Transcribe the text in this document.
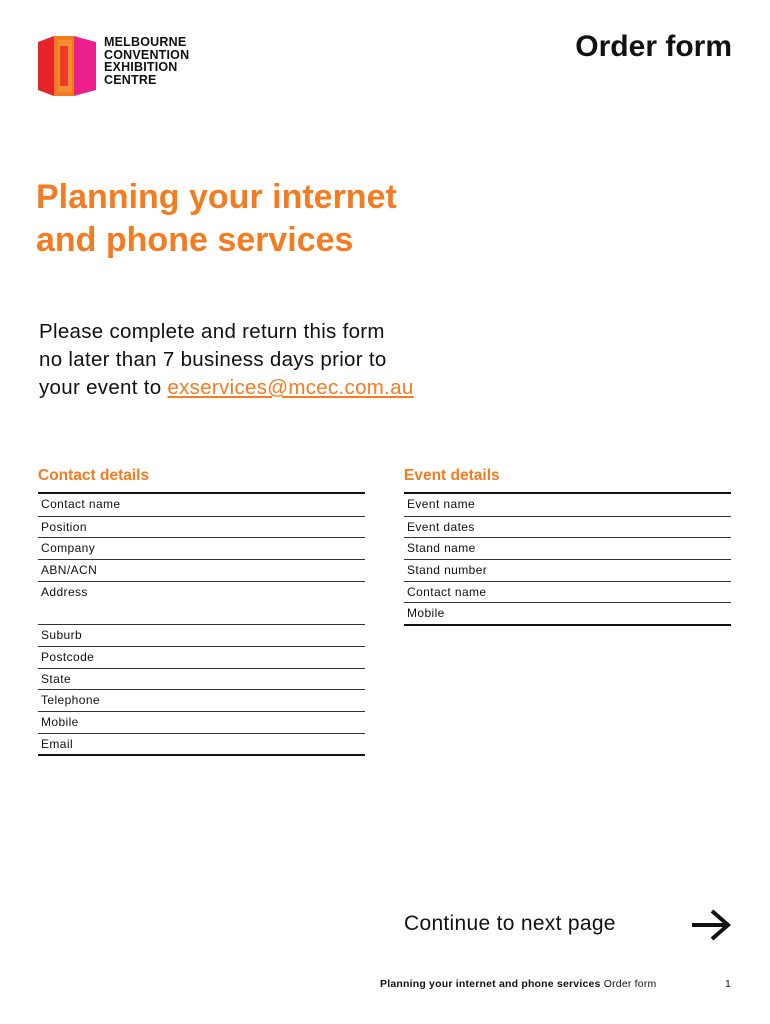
MELBOURNE
CONVENTION
EXHIBITION
CENTRE
Order form
Planning your internet
and phone services
Please complete and return this form
no later than 7 business days prior to
your event to exservices@mcec.com.au
Contact details
Contact name
Position
Company
ABN/ACN
Address
Suburb
Postcode
State
Telephone
Mobile
Email
Event details
Event name
Event dates
Stand name
Stand number
Contact name
Mobile
Continue to next page
Planning your internet and phone services Order form	1
